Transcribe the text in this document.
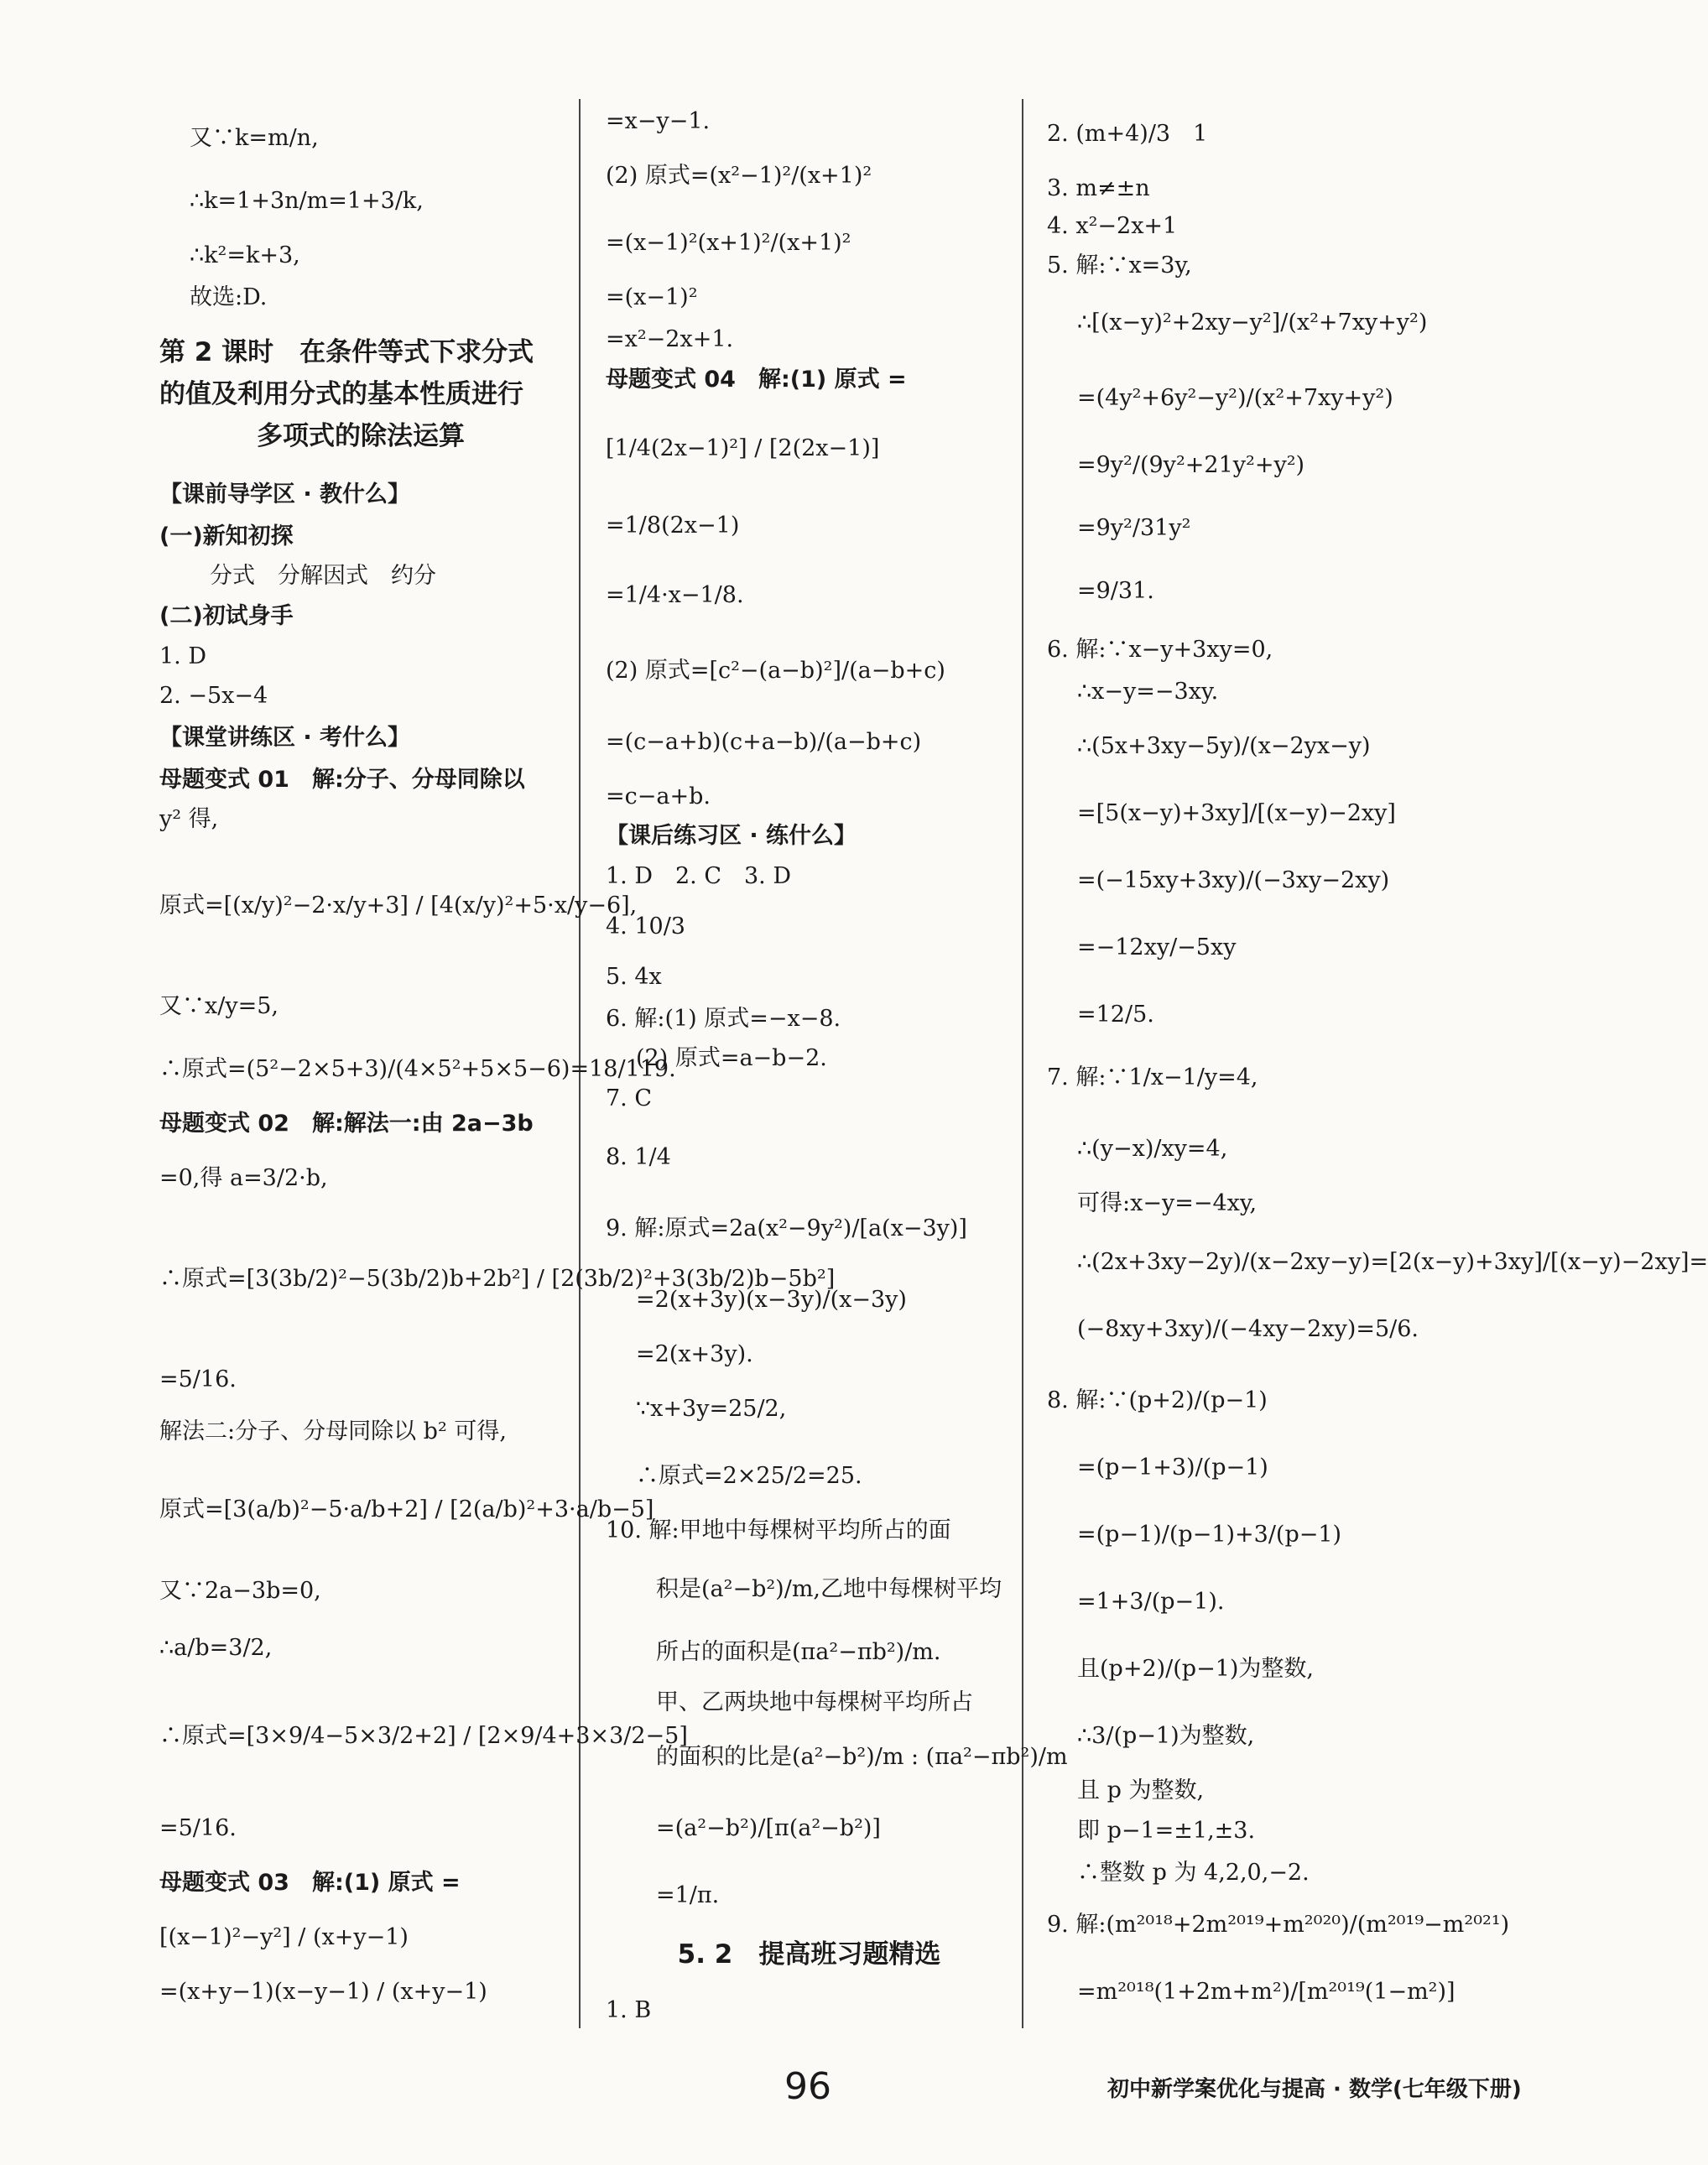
又∵k=m/n,
∴k=1+3n/m=1+3/k,
∴k²=k+3,
故选:D.
第 2 课时　在条件等式下求分式
的值及利用分式的基本性质进行
多项式的除法运算
【课前导学区 · 教什么】
(一)新知初探
分式　分解因式　约分
(二)初试身手
1. D
2. −5x−4
【课堂讲练区 · 考什么】
母题变式 01　解:分子、分母同除以
y² 得,
原式=[(x/y)²−2·x/y+3] / [4(x/y)²+5·x/y−6],
又∵x/y=5,
∴原式=(5²−2×5+3)/(4×5²+5×5−6)=18/119.
母题变式 02　解:解法一:由 2a−3b
=0,得 a=3/2·b,
∴原式=[3(3b/2)²−5(3b/2)b+2b²] / [2(3b/2)²+3(3b/2)b−5b²]
=5/16.
解法二:分子、分母同除以 b² 可得,
原式=[3(a/b)²−5·a/b+2] / [2(a/b)²+3·a/b−5]
又∵2a−3b=0,
∴a/b=3/2,
∴原式=[3×9/4−5×3/2+2] / [2×9/4+3×3/2−5]
=5/16.
母题变式 03　解:(1) 原式 =
[(x−1)²−y²] / (x+y−1)
=(x+y−1)(x−y−1) / (x+y−1)
=x−y−1.
(2) 原式=(x²−1)²/(x+1)²
=(x−1)²(x+1)²/(x+1)²
=(x−1)²
=x²−2x+1.
母题变式 04　解:(1) 原式 =
[1/4(2x−1)²] / [2(2x−1)]
=1/8(2x−1)
=1/4·x−1/8.
(2) 原式=[c²−(a−b)²]/(a−b+c)
=(c−a+b)(c+a−b)/(a−b+c)
=c−a+b.
【课后练习区 · 练什么】
1. D　2. C　3. D
4. 10/3
5. 4x
6. 解:(1) 原式=−x−8.
(2) 原式=a−b−2.
7. C
8. 1/4
9. 解:原式=2a(x²−9y²)/[a(x−3y)]
=2(x+3y)(x−3y)/(x−3y)
=2(x+3y).
∵x+3y=25/2,
∴原式=2×25/2=25.
10. 解:甲地中每棵树平均所占的面
积是(a²−b²)/m,乙地中每棵树平均
所占的面积是(πa²−πb²)/m.
甲、乙两块地中每棵树平均所占
的面积的比是(a²−b²)/m : (πa²−πb²)/m
=(a²−b²)/[π(a²−b²)]
=1/π.
5. 2　提高班习题精选
1. B
2. (m+4)/3　1
3. m≠±n
4. x²−2x+1
5. 解:∵x=3y,
∴[(x−y)²+2xy−y²]/(x²+7xy+y²)
=(4y²+6y²−y²)/(x²+7xy+y²)
=9y²/(9y²+21y²+y²)
=9y²/31y²
=9/31.
6. 解:∵x−y+3xy=0,
∴x−y=−3xy.
∴(5x+3xy−5y)/(x−2yx−y)
=[5(x−y)+3xy]/[(x−y)−2xy]
=(−15xy+3xy)/(−3xy−2xy)
=−12xy/−5xy
=12/5.
7. 解:∵1/x−1/y=4,
∴(y−x)/xy=4,
可得:x−y=−4xy,
∴(2x+3xy−2y)/(x−2xy−y)=[2(x−y)+3xy]/[(x−y)−2xy]=
(−8xy+3xy)/(−4xy−2xy)=5/6.
8. 解:∵(p+2)/(p−1)
=(p−1+3)/(p−1)
=(p−1)/(p−1)+3/(p−1)
=1+3/(p−1).
且(p+2)/(p−1)为整数,
∴3/(p−1)为整数,
且 p 为整数,
即 p−1=±1,±3.
∴整数 p 为 4,2,0,−2.
9. 解:(m²⁰¹⁸+2m²⁰¹⁹+m²⁰²⁰)/(m²⁰¹⁹−m²⁰²¹)
=m²⁰¹⁸(1+2m+m²)/[m²⁰¹⁹(1−m²)]
96	初中新学案优化与提高 · 数学(七年级下册)
